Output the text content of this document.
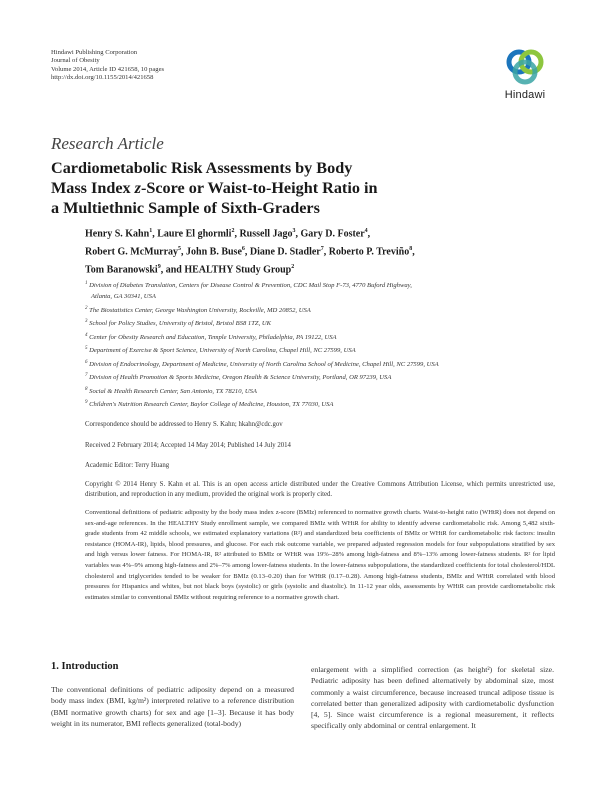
Hindawi Publishing Corporation
Journal of Obesity
Volume 2014, Article ID 421658, 10 pages
http://dx.doi.org/10.1155/2014/421658
Hindawi
Research Article
Cardiometabolic Risk Assessments by Body
Mass Index z-Score or Waist-to-Height Ratio in
a Multiethnic Sample of Sixth-Graders
Henry S. Kahn$^1$, Laure El ghormli$^2$, Russell Jago$^3$, Gary D. Foster$^4$,
Robert G. McMurray$^5$, John B. Buse$^6$, Diane D. Stadler$^7$, Roberto P. Treviño$^8$,
Tom Baranowski$^9$, and HEALTHY Study Group$^2$
$^1$ Division of Diabetes Translation, Centers for Disease Control & Prevention, CDC Mail Stop F-73, 4770 Buford Highway,
Atlanta, GA 30341, USA
$^2$ The Biostatistics Center, George Washington University, Rockville, MD 20852, USA
$^3$ School for Policy Studies, University of Bristol, Bristol BS8 1TZ, UK
$^4$ Center for Obesity Research and Education, Temple University, Philadelphia, PA 19122, USA
$^5$ Department of Exercise & Sport Science, University of North Carolina, Chapel Hill, NC 27599, USA
$^6$ Division of Endocrinology, Department of Medicine, University of North Carolina School of Medicine, Chapel Hill, NC 27599, USA
$^7$ Division of Health Promotion & Sports Medicine, Oregon Health & Science University, Portland, OR 97239, USA
$^8$ Social & Health Research Center, San Antonio, TX 78210, USA
$^9$ Children's Nutrition Research Center, Baylor College of Medicine, Houston, TX 77030, USA
Correspondence should be addressed to Henry S. Kahn; hkahn@cdc.gov
Received 2 February 2014; Accepted 14 May 2014; Published 14 July 2014
Academic Editor: Terry Huang
Copyright © 2014 Henry S. Kahn et al. This is an open access article distributed under the Creative Commons Attribution License, which permits unrestricted use, distribution, and reproduction in any medium, provided the original work is properly cited.
Conventional definitions of pediatric adiposity by the body mass index z-score (BMIz) referenced to normative growth charts. Waist-to-height ratio (WHtR) does not depend on sex-and-age references. In the HEALTHY Study enrollment sample, we compared BMIz with WHtR for ability to identify adverse cardiometabolic risk. Among 5,482 sixth-grade students from 42 middle schools, we estimated explanatory variations (R²) and standardized beta coefficients of BMIz or WHtR for cardiometabolic risk factors: insulin resistance (HOMA-IR), lipids, blood pressures, and glucose. For each risk outcome variable, we prepared adjusted regression models for four subpopulations stratified by sex and high versus lower fatness. For HOMA-IR, R² attributed to BMIz or WHtR was 19%–28% among high-fatness and 8%–13% among lower-fatness students. R² for lipid variables was 4%–9% among high-fatness and 2%–7% among lower-fatness students. In the lower-fatness subpopulations, the standardized coefficients for total cholesterol/HDL cholesterol and triglycerides tended to be weaker for BMIz (0.13–0.20) than for WHtR (0.17–0.28). Among high-fatness students, BMIz and WHtR correlated with blood pressures for Hispanics and whites, but not black boys (systolic) or girls (systolic and diastolic). In 11-12 year olds, assessments by WHtR can provide cardiometabolic risk estimates similar to conventional BMIz without requiring reference to a normative growth chart.
1. Introduction
The conventional definitions of pediatric adiposity depend on a measured body mass index (BMI, kg/m²) interpreted relative to a reference distribution (BMI normative growth charts) for sex and age [1–3]. Because it has body weight in its numerator, BMI reflects generalized (total-body)
enlargement with a simplified correction (as height²) for skeletal size. Pediatric adiposity has been defined alternatively by abdominal size, most commonly a waist circumference, because increased truncal adipose tissue is correlated better than generalized adiposity with cardiometabolic dysfunction [4, 5]. Since waist circumference is a regional measurement, it reflects specifically only abdominal or central enlargement. It
